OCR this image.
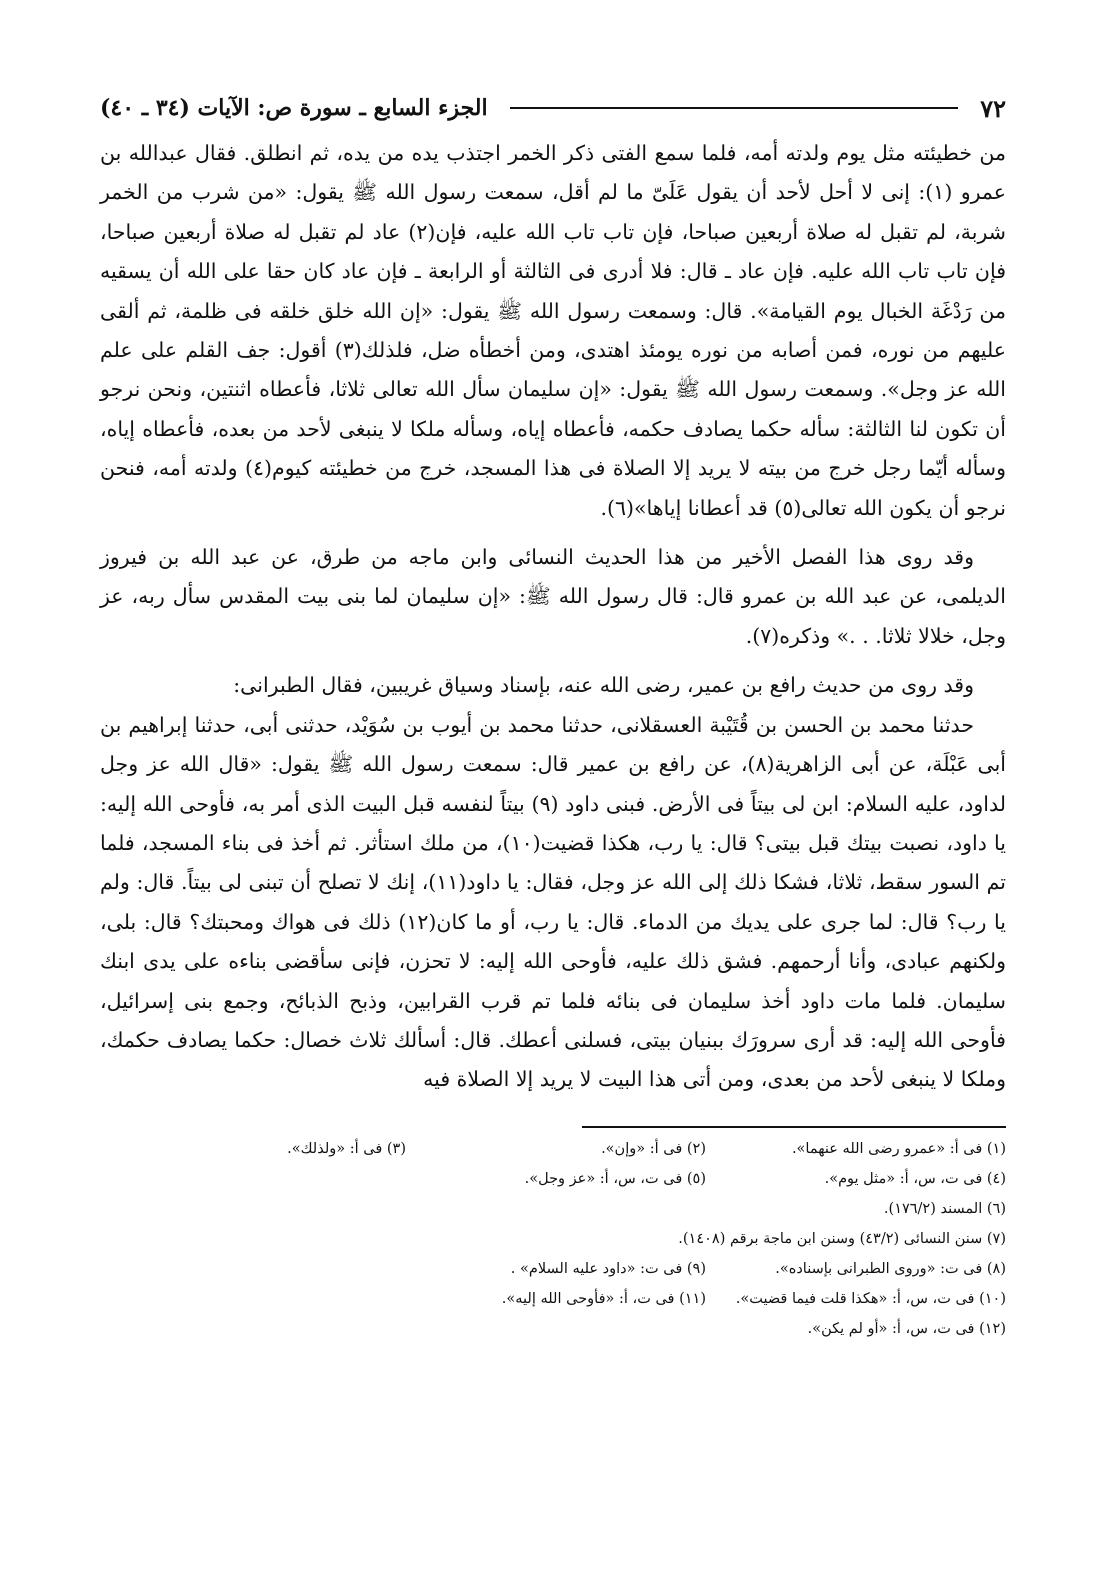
٧٢
الجزء السابع ـ سورة ص: الآيات (٣٤ ـ ٤٠)

من خطيئته مثل يوم ولدته أمه، فلما سمع الفتى ذكر الخمر اجتذب يده من يده، ثم انطلق. فقال عبدالله بن عمرو (١): إنى لا أحل لأحد أن يقول عَلَىّ ما لم أقل، سمعت رسول الله ﷺ يقول: «من شرب من الخمر شربة، لم تقبل له صلاة أربعين صباحا، فإن تاب تاب الله عليه، فإن(٢) عاد لم تقبل له صلاة أربعين صباحا، فإن تاب تاب الله عليه. فإن عاد ـ قال: فلا أدرى فى الثالثة أو الرابعة ـ فإن عاد كان حقا على الله أن يسقيه من رَدْغَة الخبال يوم القيامة». قال: وسمعت رسول الله ﷺ يقول: «إن الله خلق خلقه فى ظلمة، ثم ألقى عليهم من نوره، فمن أصابه من نوره يومئذ اهتدى، ومن أخطأه ضل، فلذلك(٣) أقول: جف القلم على علم الله عز وجل». وسمعت رسول الله ﷺ يقول: «إن سليمان سأل الله تعالى ثلاثا، فأعطاه اثنتين، ونحن نرجو أن تكون لنا الثالثة: سأله حكما يصادف حكمه، فأعطاه إياه، وسأله ملكا لا ينبغى لأحد من بعده، فأعطاه إياه، وسأله أيّما رجل خرج من بيته لا يريد إلا الصلاة فى هذا المسجد، خرج من خطيئته كيوم(٤) ولدته أمه، فنحن نرجو أن يكون الله تعالى(٥) قد أعطانا إياها»(٦).

وقد روى هذا الفصل الأخير من هذا الحديث النسائى وابن ماجه من طرق، عن عبد الله بن فيروز الديلمى، عن عبد الله بن عمرو قال: قال رسول الله ﷺ: «إن سليمان لما بنى بيت المقدس سأل ربه، عز وجل، خلالا ثلاثا. . .» وذكره(٧).

وقد روى من حديث رافع بن عمير، رضى الله عنه، بإسناد وسياق غريبين، فقال الطبرانى:

حدثنا محمد بن الحسن بن قُتَيْبة العسقلانى، حدثنا محمد بن أيوب بن سُوَيْد، حدثنى أبى، حدثنا إبراهيم بن أبى عَبْلَة، عن أبى الزاهرية(٨)، عن رافع بن عمير قال: سمعت رسول الله ﷺ يقول: «قال الله عز وجل لداود، عليه السلام: ابن لى بيتاً فى الأرض. فبنى داود (٩) بيتاً لنفسه قبل البيت الذى أمر به، فأوحى الله إليه: يا داود، نصبت بيتك قبل بيتى؟ قال: يا رب، هكذا قضيت(١٠)، من ملك استأثر. ثم أخذ فى بناء المسجد، فلما تم السور سقط، ثلاثا، فشكا ذلك إلى الله عز وجل، فقال: يا داود(١١)، إنك لا تصلح أن تبنى لى بيتاً. قال: ولم يا رب؟ قال: لما جرى على يديك من الدماء. قال: يا رب، أو ما كان(١٢) ذلك فى هواك ومحبتك؟ قال: بلى، ولكنهم عبادى، وأنا أرحمهم. فشق ذلك عليه، فأوحى الله إليه: لا تحزن، فإنى سأقضى بناءه على يدى ابنك سليمان. فلما مات داود أخذ سليمان فى بنائه فلما تم قرب القرابين، وذبح الذبائح، وجمع بنى إسرائيل، فأوحى الله إليه: قد أرى سرورَك ببنيان بيتى، فسلنى أعطك. قال: أسألك ثلاث خصال: حكما يصادف حكمك، وملكا لا ينبغى لأحد من بعدى، ومن أتى هذا البيت لا يريد إلا الصلاة فيه

(١) فى أ: «عمرو رضى الله عنهما».
(٢) فى أ: «وإن».
(٣) فى أ: «ولذلك».
(٤) فى ت، س، أ: «مثل يوم».
(٥) فى ت، س، أ: «عز وجل».
(٦) المسند (١٧٦/٢).
(٧) سنن النسائى (٤٣/٢) وسنن ابن ماجة برقم (١٤٠٨).
(٨) فى ت: «وروى الطبرانى بإسناده».
(٩) فى ت: «داود عليه السلام» .
(١٠) فى ت، س، أ: «هكذا قلت فيما قضيت».
(١١) فى ت، أ: «فأوحى الله إليه».
(١٢) فى ت، س، أ: «أو لم يكن».
